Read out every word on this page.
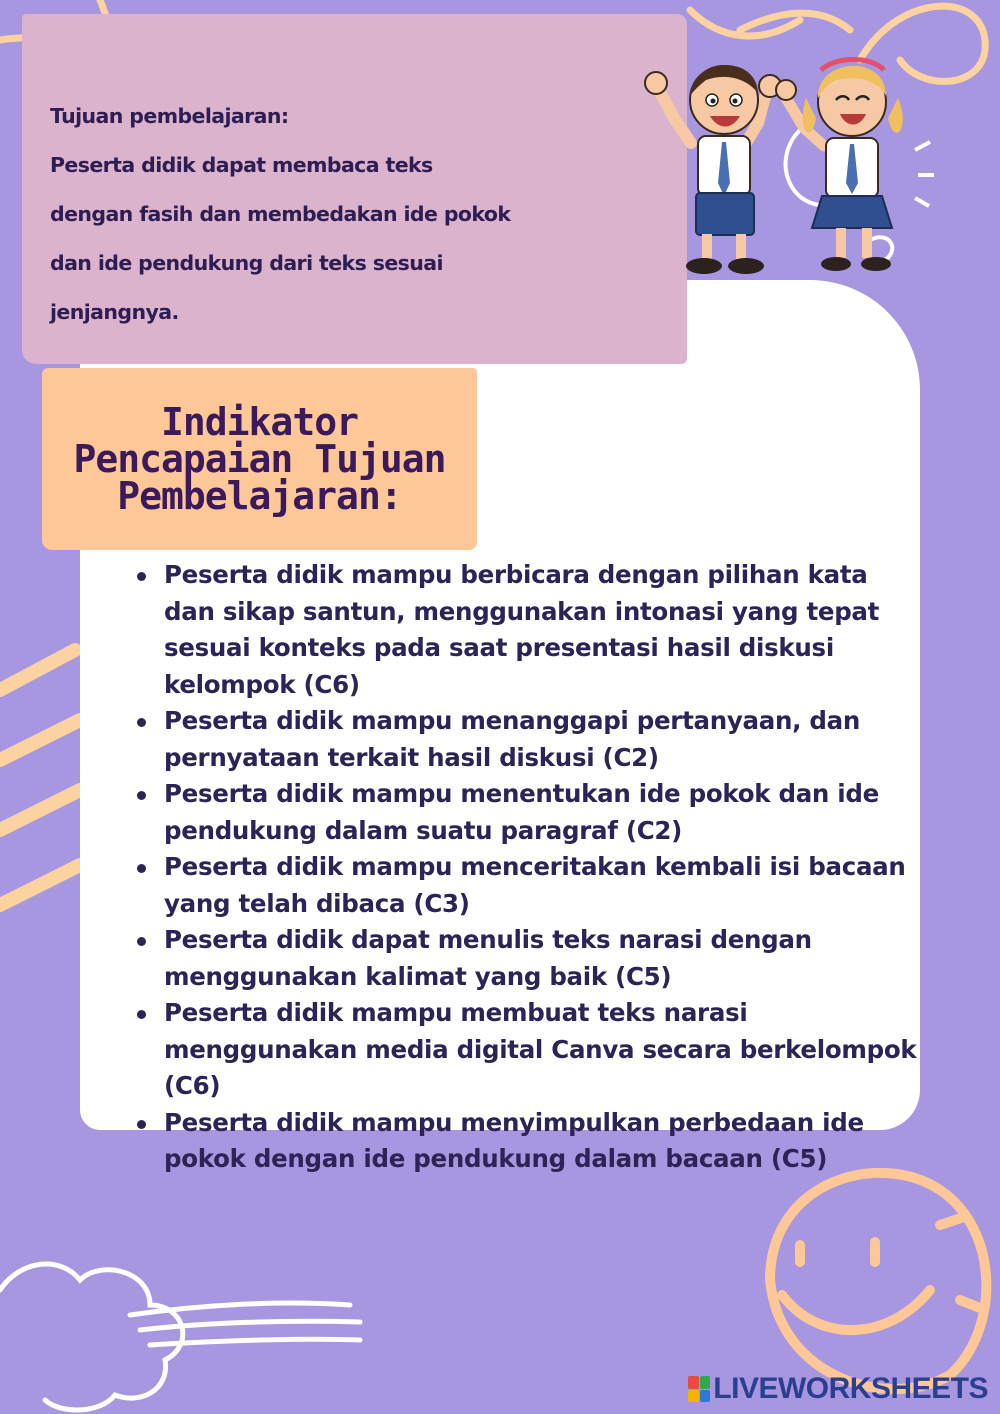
Tujuan pembelajaran:
Peserta didik dapat membaca teks
dengan fasih dan membedakan ide pokok
dan ide pendukung dari teks sesuai
jenjangnya.

Indikator
Pencapaian Tujuan
Pembelajaran:

Peserta didik mampu berbicara dengan pilihan kata dan sikap santun, menggunakan intonasi yang tepat sesuai konteks pada saat presentasi hasil diskusi kelompok (C6)
Peserta didik mampu menanggapi pertanyaan, dan pernyataan terkait hasil diskusi (C2)
Peserta didik mampu menentukan ide pokok dan ide pendukung dalam suatu paragraf (C2)
Peserta didik mampu menceritakan kembali isi bacaan yang telah dibaca (C3)
Peserta didik dapat menulis teks narasi dengan menggunakan kalimat yang baik (C5)
Peserta didik mampu membuat teks narasi menggunakan media digital Canva secara berkelompok (C6)
Peserta didik mampu menyimpulkan perbedaan ide pokok dengan ide pendukung dalam bacaan (C5)
LIVEWORKSHEETS
